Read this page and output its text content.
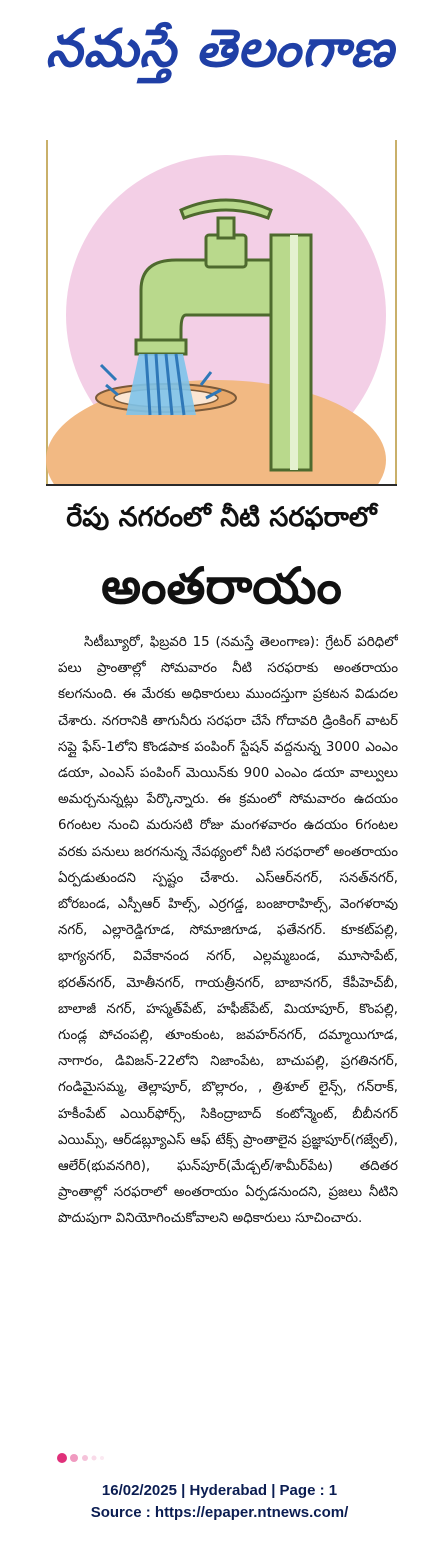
నమస్తే తెలంగాణ
రేపు నగరంలో నీటి సరఫరాలో
అంతరాయం

సిటీబ్యూరో, ఫిబ్రవరి 15 (నమస్తే తెలంగాణ): గ్రేటర్ పరిధిలో పలు ప్రాంతాల్లో సోమవారం నీటి సరఫరాకు అంతరాయం కలగనుంది. ఈ మేరకు అధికారులు ముందస్తుగా ప్రకటన విడుదల చేశారు. నగరానికి తాగునీరు సరఫరా చేసే గోదావరి డ్రింకింగ్ వాటర్ సప్లై ఫేస్-1లోని కొండపాక పంపింగ్ స్టేషన్ వద్దనున్న 3000 ఎంఎం డయా, ఎంఎస్ పంపింగ్ మెయిన్‌కు 900 ఎంఎం డయా వాల్వులు అమర్చనున్నట్లు పేర్కొన్నారు. ఈ క్రమంలో సోమవారం ఉదయం 6గంటల నుంచి మరుసటి రోజు మంగళవారం ఉదయం 6గంటల వరకు పనులు జరగనున్న నేపథ్యంలో నీటి సరఫరాలో అంతరాయం ఏర్పడుతుందని స్పష్టం చేశారు. ఎస్ఆర్‌నగర్, సనత్‌నగర్, బోరబండ, ఎస్పీఆర్ హిల్స్, ఎర్రగడ్డ, బంజారాహిల్స్, వెంగళరావు నగర్, ఎల్లారెడ్డిగూడ, సోమాజిగూడ, ఫతేనగర్. కూకట్‌పల్లి, భాగ్యనగర్, వివేకానంద నగర్, ఎల్లమ్మబండ, మూసాపేట్, భరత్‌నగర్, మోతీనగర్, గాయత్రీనగర్, బాబానగర్, కేపీహెచ్‌బీ, బాలాజీ నగర్, హస్మత్‌పేట్, హఫీజ్‌పేట్, మియాపూర్, కొంపల్లి, గుండ్ల పోచంపల్లి, తూంకుంట, జవహర్‌నగర్, దమ్మాయిగూడ, నాగారం, డివిజన్-22లోని నిజాంపేట, బాచుపల్లి, ప్రగతినగర్, గండిమైసమ్మ, తెల్లాపూర్, బొల్లారం, , త్రిశూల్ లైన్స్, గన్‌రాక్, హకీంపేట్ ఎయిర్‌ఫోర్స్, సికింద్రాబాద్ కంటోన్మెంట్, బీబీనగర్ ఎయిమ్స్, ఆర్‌డబ్ల్యూఎస్ ఆఫ్ టేక్స్ ప్రాంతాలైన ప్రజ్ఞాపూర్(గజ్వేల్), ఆలేర్(భువనగిరి), ఘన్‌పూర్(మేడ్చల్/శామీర్‌పేట) తదితర ప్రాంతాల్లో సరఫరాలో అంతరాయం ఏర్పడనుందని, ప్రజలు నీటిని పొదుపుగా వినియోగించుకోవాలని అధికారులు సూచించారు.

16/02/2025 | Hyderabad | Page : 1
Source : https://epaper.ntnews.com/
